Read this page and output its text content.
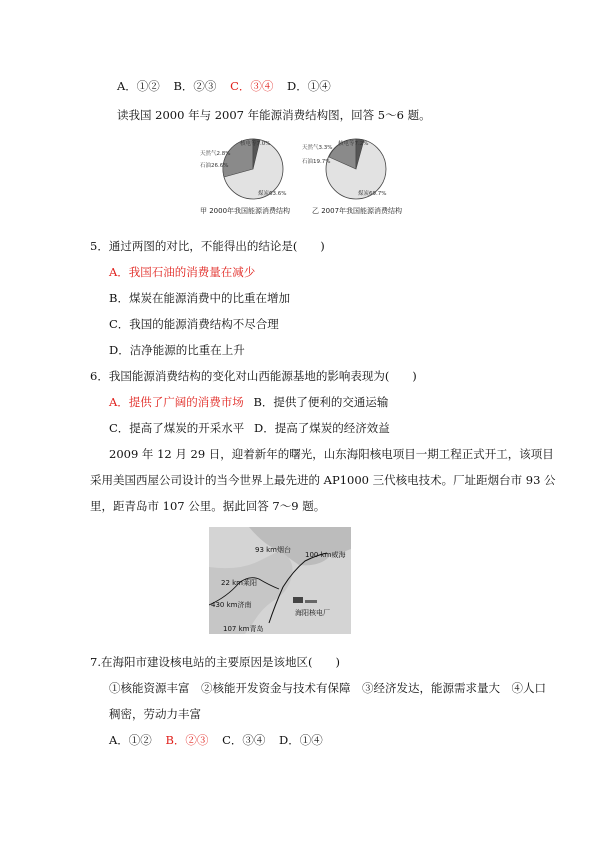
A．①② B．②③ C．③④ D．①④
读我国 2000 年与 2007 年能源消费结构图，回答 5～6 题。
天然气2.8%
核电等7.0%
石油26.6%
煤炭63.6%
天然气3.3%
核电等7.2%
石油19.7%
煤炭69.7%
甲 2000年我国能源消费结构	乙 2007年我国能源消费结构
5．通过两图的对比，不能得出的结论是(　　)
A．我国石油的消费量在减少
B．煤炭在能源消费中的比重在增加
C．我国的能源消费结构不尽合理
D．洁净能源的比重在上升
6．我国能源消费结构的变化对山西能源基地的影响表现为(　　)
A．提供了广阔的消费市场 B．提供了便利的交通运输
C．提高了煤炭的开采水平 D．提高了煤炭的经济效益
2009 年 12 月 29 日，迎着新年的曙光，山东海阳核电项目一期工程正式开工，该项目
采用美国西屋公司设计的当今世界上最先进的 AP1000 三代核电技术。厂址距烟台市 93 公
里，距青岛市 107 公里。据此回答 7～9 题。
93 km烟台
100 km威海
22 km莱阳
430 km济南
海阳核电厂
107 km青岛
7.在海阳市建设核电站的主要原因是该地区(　　)
①核能资源丰富　②核能开发资金与技术有保障　③经济发达，能源需求量大　④人口
稠密，劳动力丰富
A．①② B．②③ C．③④ D．①④
